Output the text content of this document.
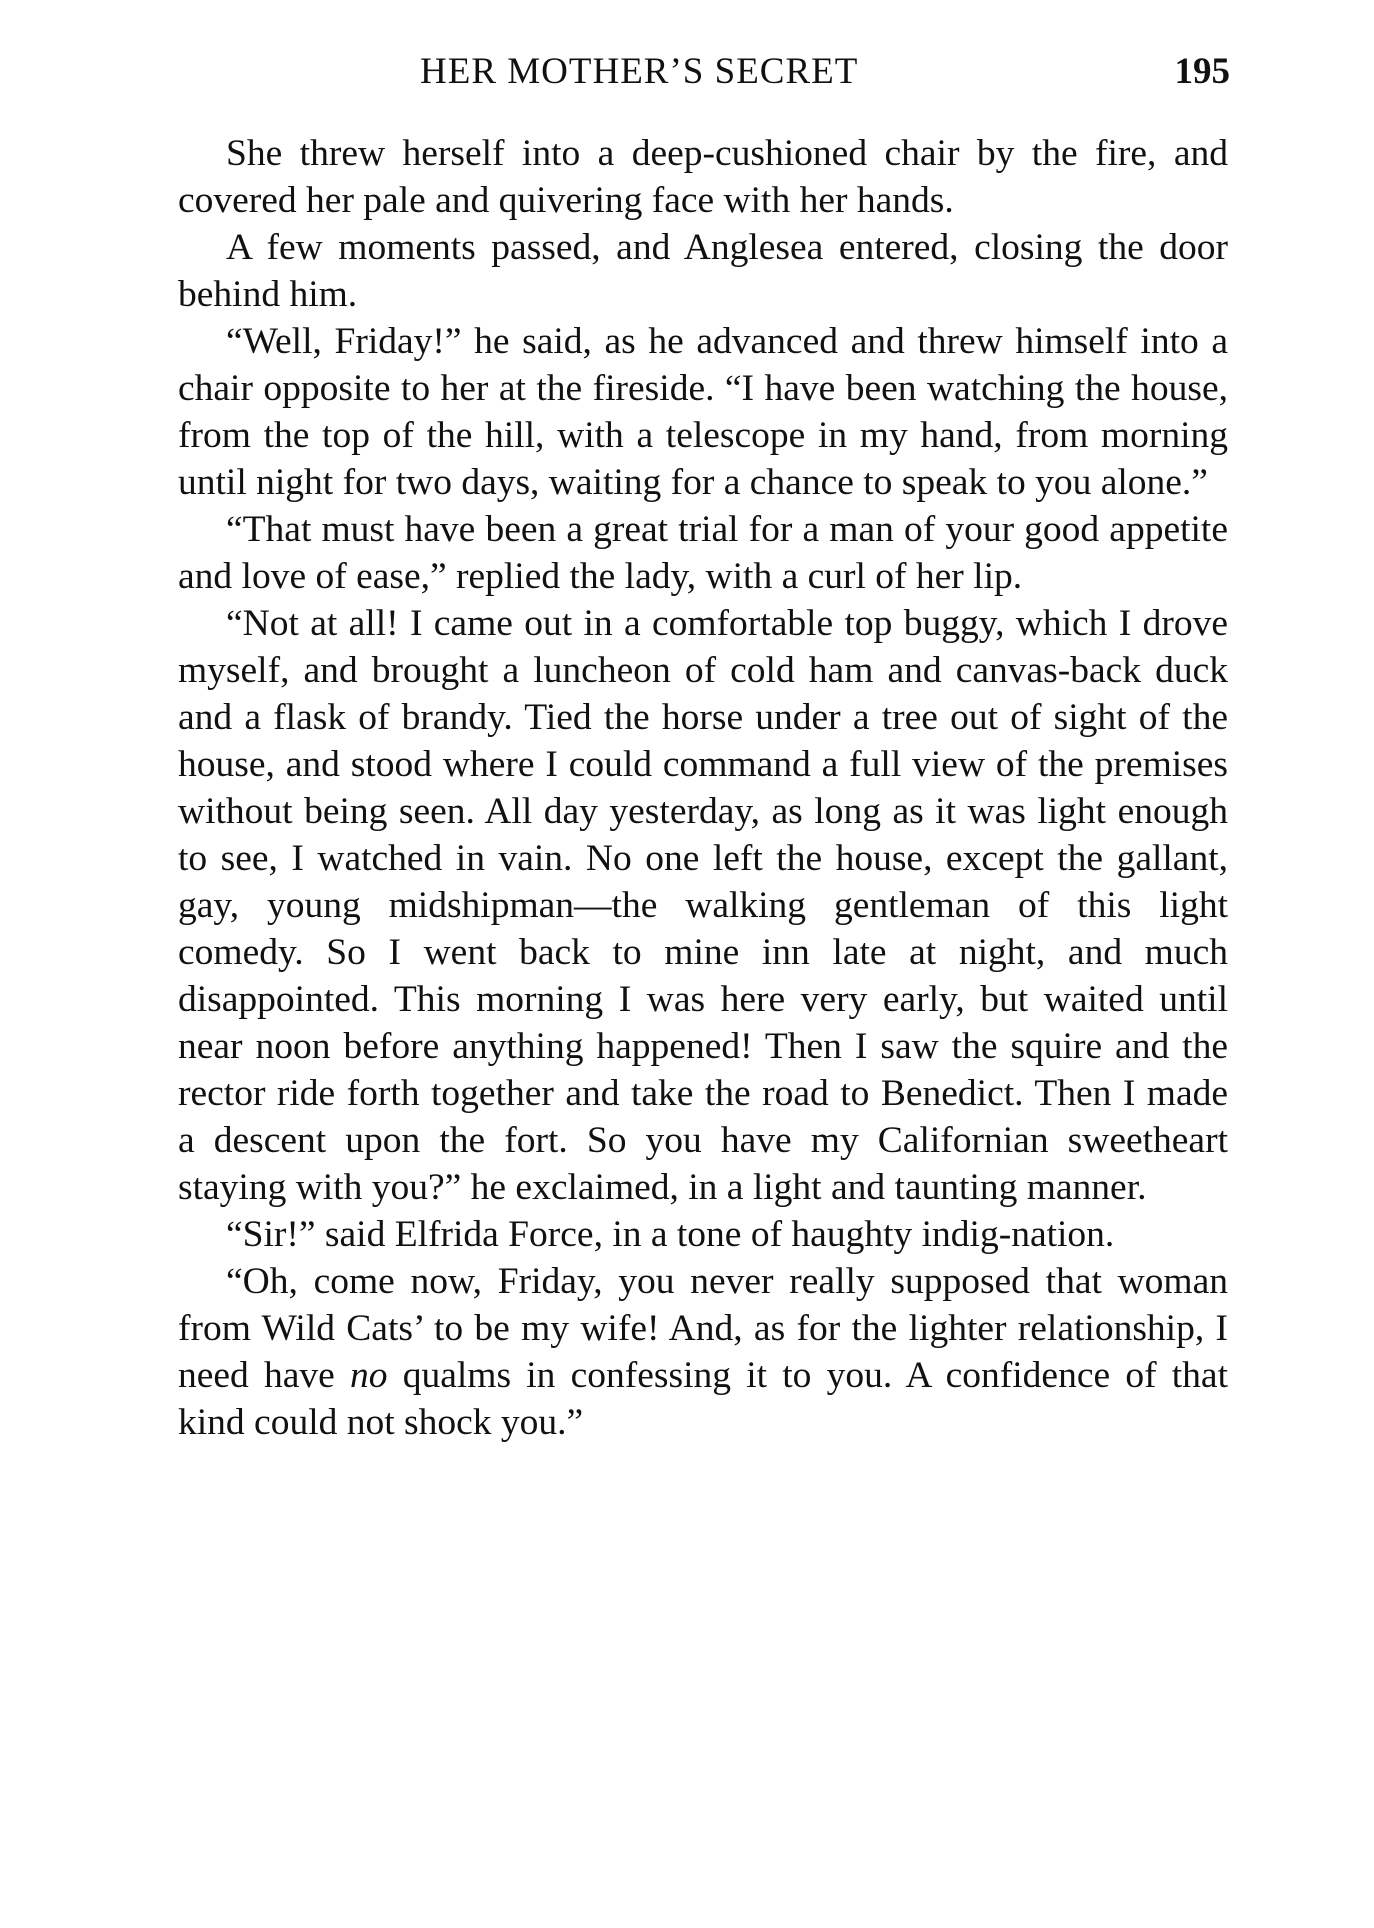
HER MOTHER’S SECRET	195

She threw herself into a deep-cushioned chair by the fire, and covered her pale and quivering face with her hands.

A few moments passed, and Anglesea entered, closing the door behind him.

“Well, Friday!” he said, as he advanced and threw himself into a chair opposite to her at the fireside. “I have been watching the house, from the top of the hill, with a telescope in my hand, from morning until night for two days, waiting for a chance to speak to you alone.”

“That must have been a great trial for a man of your good appetite and love of ease,” replied the lady, with a curl of her lip.

“Not at all! I came out in a comfortable top buggy, which I drove myself, and brought a luncheon of cold ham and canvas-back duck and a flask of brandy. Tied the horse under a tree out of sight of the house, and stood where I could command a full view of the premises without being seen. All day yesterday, as long as it was light enough to see, I watched in vain. No one left the house, except the gallant, gay, young midshipman—the walking gentleman of this light comedy. So I went back to mine inn late at night, and much disappointed. This morning I was here very early, but waited until near noon before anything happened! Then I saw the squire and the rector ride forth together and take the road to Benedict. Then I made a descent upon the fort. So you have my Californian sweetheart staying with you?” he exclaimed, in a light and taunting manner.

“Sir!” said Elfrida Force, in a tone of haughty indig-nation.

“Oh, come now, Friday, you never really supposed that woman from Wild Cats’ to be my wife! And, as for the lighter relationship, I need have no qualms in confessing it to you. A confidence of that kind could not shock you.”
